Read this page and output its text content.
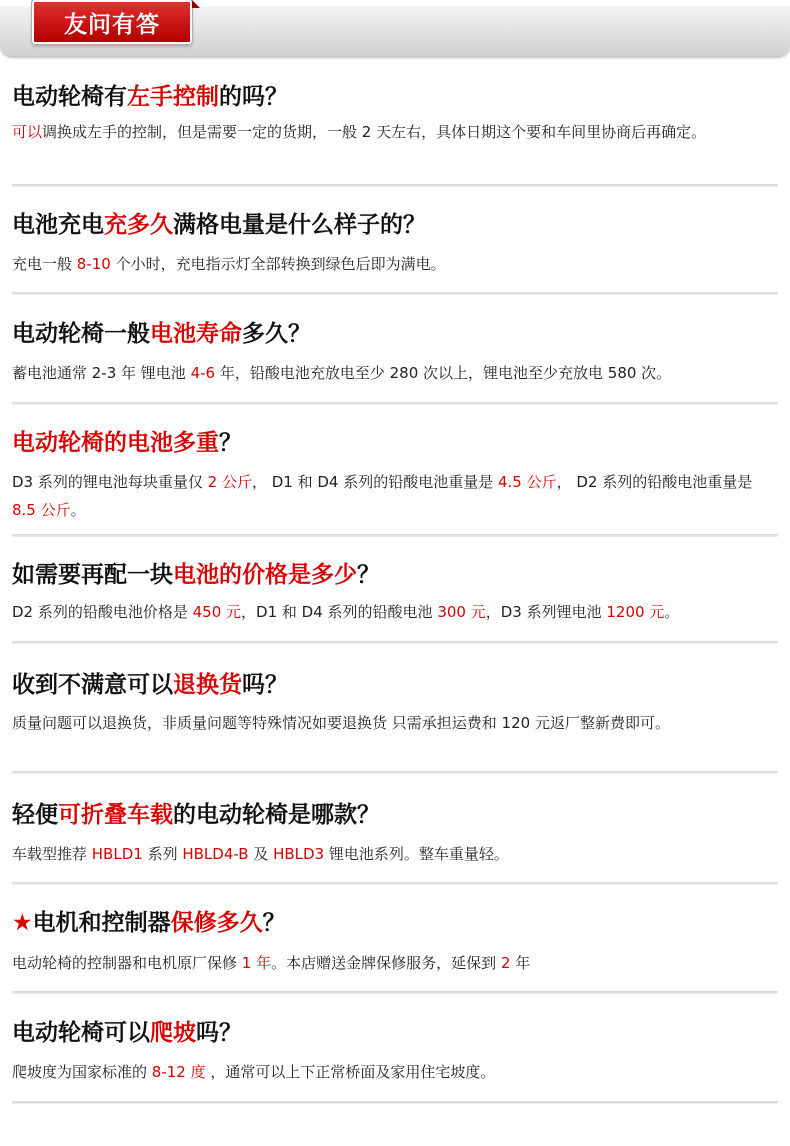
友问有答
电动轮椅有左手控制的吗？
可以调换成左手的控制，但是需要一定的货期，一般 2 天左右，具体日期这个要和车间里协商后再确定。
电池充电充多久满格电量是什么样子的？
充电一般 8-10 个小时，充电指示灯全部转换到绿色后即为满电。
电动轮椅一般电池寿命多久？
蓄电池通常 2-3 年 锂电池 4-6 年，铅酸电池充放电至少 280 次以上，锂电池至少充放电 580 次。
电动轮椅的电池多重？
D3 系列的锂电池每块重量仅 2 公斤， D1 和 D4 系列的铅酸电池重量是 4.5 公斤， D2 系列的铅酸电池重量是 8.5 公斤。
如需要再配一块电池的价格是多少？
D2 系列的铅酸电池价格是 450 元，D1 和 D4 系列的铅酸电池 300 元，D3 系列锂电池 1200 元。
收到不满意可以退换货吗？
质量问题可以退换货，非质量问题等特殊情况如要退换货 只需承担运费和 120 元返厂整新费即可。
轻便可折叠车载的电动轮椅是哪款？
车载型推荐 HBLD1 系列 HBLD4-B 及 HBLD3 锂电池系列。整车重量轻。
★电机和控制器保修多久？
电动轮椅的控制器和电机原厂保修 1 年。本店赠送金牌保修服务，延保到 2 年
电动轮椅可以爬坡吗？
爬坡度为国家标准的 8-12 度 ，通常可以上下正常桥面及家用住宅坡度。
